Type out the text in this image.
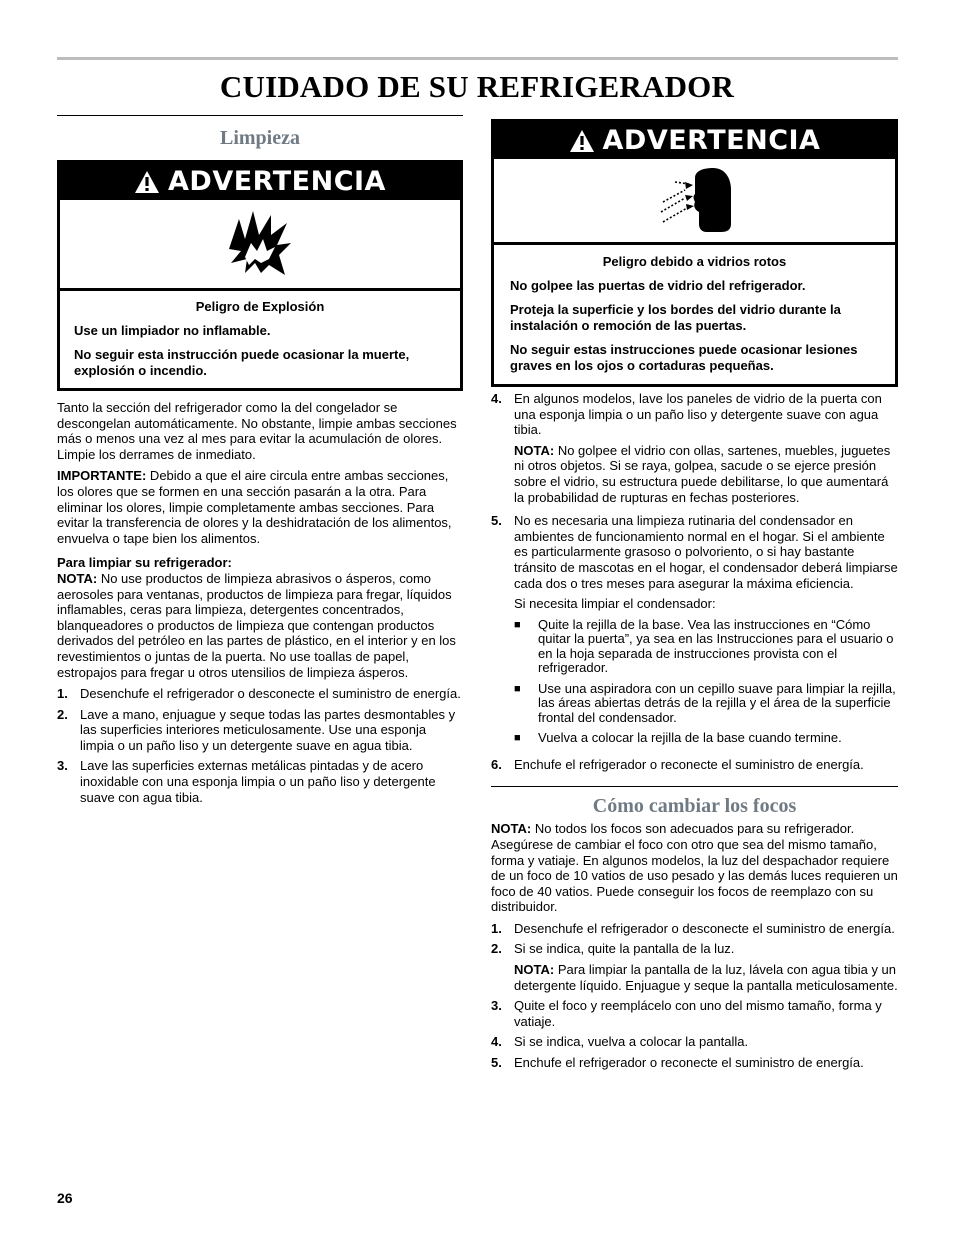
CUIDADO DE SU REFRIGERADOR
Limpieza
ADVERTENCIA
Peligro de Explosión

Use un limpiador no inflamable.

No seguir esta instrucción puede ocasionar la muerte, explosión o incendio.

Tanto la sección del refrigerador como la del congelador se descongelan automáticamente. No obstante, limpie ambas secciones más o menos una vez al mes para evitar la acumulación de olores. Limpie los derrames de inmediato.

IMPORTANTE: Debido a que el aire circula entre ambas secciones, los olores que se formen en una sección pasarán a la otra. Para eliminar los olores, limpie completamente ambas secciones. Para evitar la transferencia de olores y la deshidratación de los alimentos, envuelva o tape bien los alimentos.

Para limpiar su refrigerador:

NOTA: No use productos de limpieza abrasivos o ásperos, como aerosoles para ventanas, productos de limpieza para fregar, líquidos inflamables, ceras para limpieza, detergentes concentrados, blanqueadores o productos de limpieza que contengan productos derivados del petróleo en las partes de plástico, en el interior y en los revestimientos o juntas de la puerta. No use toallas de papel, estropajos para fregar u otros utensilios de limpieza ásperos.

1. Desenchufe el refrigerador o desconecte el suministro de energía.
2. Lave a mano, enjuague y seque todas las partes desmontables y las superficies interiores meticulosamente. Use una esponja limpia o un paño liso y un detergente suave en agua tibia.
3. Lave las superficies externas metálicas pintadas y de acero inoxidable con una esponja limpia o un paño liso y detergente suave con agua tibia.
ADVERTENCIA
Peligro debido a vidrios rotos

No golpee las puertas de vidrio del refrigerador.

Proteja la superficie y los bordes del vidrio durante la instalación o remoción de las puertas.

No seguir estas instrucciones puede ocasionar lesiones graves en los ojos o cortaduras pequeñas.

4. En algunos modelos, lave los paneles de vidrio de la puerta con una esponja limpia o un paño liso y detergente suave con agua tibia.

NOTA: No golpee el vidrio con ollas, sartenes, muebles, juguetes ni otros objetos. Si se raya, golpea, sacude o se ejerce presión sobre el vidrio, su estructura puede debilitarse, lo que aumentará la probabilidad de rupturas en fechas posteriores.

5. No es necesaria una limpieza rutinaria del condensador en ambientes de funcionamiento normal en el hogar. Si el ambiente es particularmente grasoso o polvoriento, o si hay bastante tránsito de mascotas en el hogar, el condensador deberá limpiarse cada dos o tres meses para asegurar la máxima eficiencia.

Si necesita limpiar el condensador:

■	Quite la rejilla de la base. Vea las instrucciones en “Cómo quitar la puerta”, ya sea en las Instrucciones para el usuario o en la hoja separada de instrucciones provista con el refrigerador.
■	Use una aspiradora con un cepillo suave para limpiar la rejilla, las áreas abiertas detrás de la rejilla y el área de la superficie frontal del condensador.
■	Vuelva a colocar la rejilla de la base cuando termine.
6. Enchufe el refrigerador o reconecte el suministro de energía.
Cómo cambiar los focos

NOTA: No todos los focos son adecuados para su refrigerador. Asegúrese de cambiar el foco con otro que sea del mismo tamaño, forma y vatiaje. En algunos modelos, la luz del despachador requiere de un foco de 10 vatios de uso pesado y las demás luces requieren un foco de 40 vatios. Puede conseguir los focos de reemplazo con su distribuidor.

1. Desenchufe el refrigerador o desconecte el suministro de energía.
2. Si se indica, quite la pantalla de la luz.

NOTA: Para limpiar la pantalla de la luz, lávela con agua tibia y un detergente líquido. Enjuague y seque la pantalla meticulosamente.

3. Quite el foco y reemplácelo con uno del mismo tamaño, forma y vatiaje.
4. Si se indica, vuelva a colocar la pantalla.
5. Enchufe el refrigerador o reconecte el suministro de energía.
26
